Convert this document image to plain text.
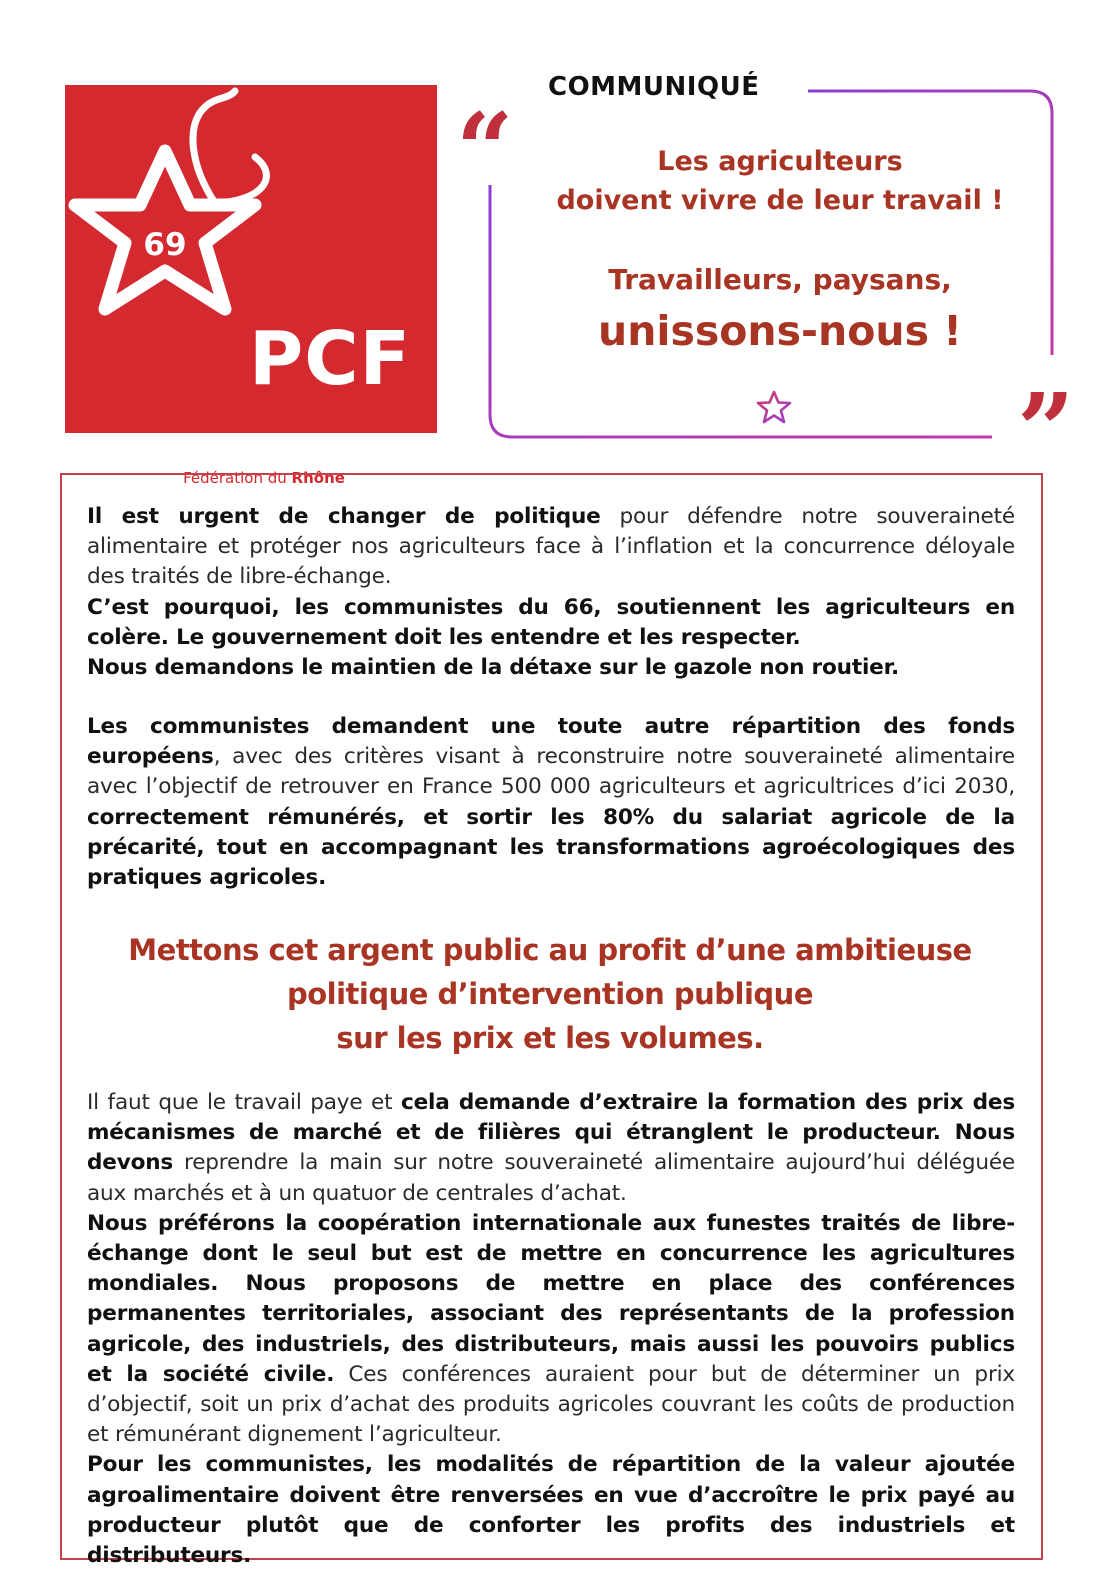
69
PCF
PARTI COMMUNISTE FRANÇAIS
Fédération du Rhône
COMMUNIQUÉ
“
”
Les agriculteurs
doivent vivre de leur travail !
Travailleurs, paysans,
unissons-nous !
Il est urgent de changer de politique pour défendre notre souveraineté alimentaire et protéger nos agriculteurs face à l’inflation et la concurrence déloyale des traités de libre-échange.
C’est pourquoi, les communistes du 66, soutiennent les agriculteurs en colère. Le gouvernement doit les entendre et les respecter.
Nous demandons le maintien de la détaxe sur le gazole non routier.
Les communistes demandent une toute autre répartition des fonds européens, avec des critères visant à reconstruire notre souveraineté alimentaire avec l’objectif de retrouver en France 500 000 agriculteurs et agricultrices d’ici 2030, correctement rémunérés, et sortir les 80% du salariat agricole de la précarité, tout en accompagnant les transformations agroécologiques des pratiques agricoles.
Mettons cet argent public au profit d’une ambitieuse
politique d’intervention publique
sur les prix et les volumes.
Il faut que le travail paye et cela demande d’extraire la formation des prix des mécanismes de marché et de filières qui étranglent le producteur. Nous devons reprendre la main sur notre souveraineté alimentaire aujourd’hui déléguée aux marchés et à un quatuor de centrales d’achat.
Nous préférons la coopération internationale aux funestes traités de libre-échange dont le seul but est de mettre en concurrence les agricultures mondiales. Nous proposons de mettre en place des conférences permanentes territoriales, associant des représentants de la profession agricole, des industriels, des distributeurs, mais aussi les pouvoirs publics et la société civile. Ces conférences auraient pour but de déterminer un prix d’objectif, soit un prix d’achat des produits agricoles couvrant les coûts de production et rémunérant dignement l’agriculteur.
Pour les communistes, les modalités de répartition de la valeur ajoutée agroalimentaire doivent être renversées en vue d’accroître le prix payé au producteur plutôt que de conforter les profits des industriels et distributeurs.
